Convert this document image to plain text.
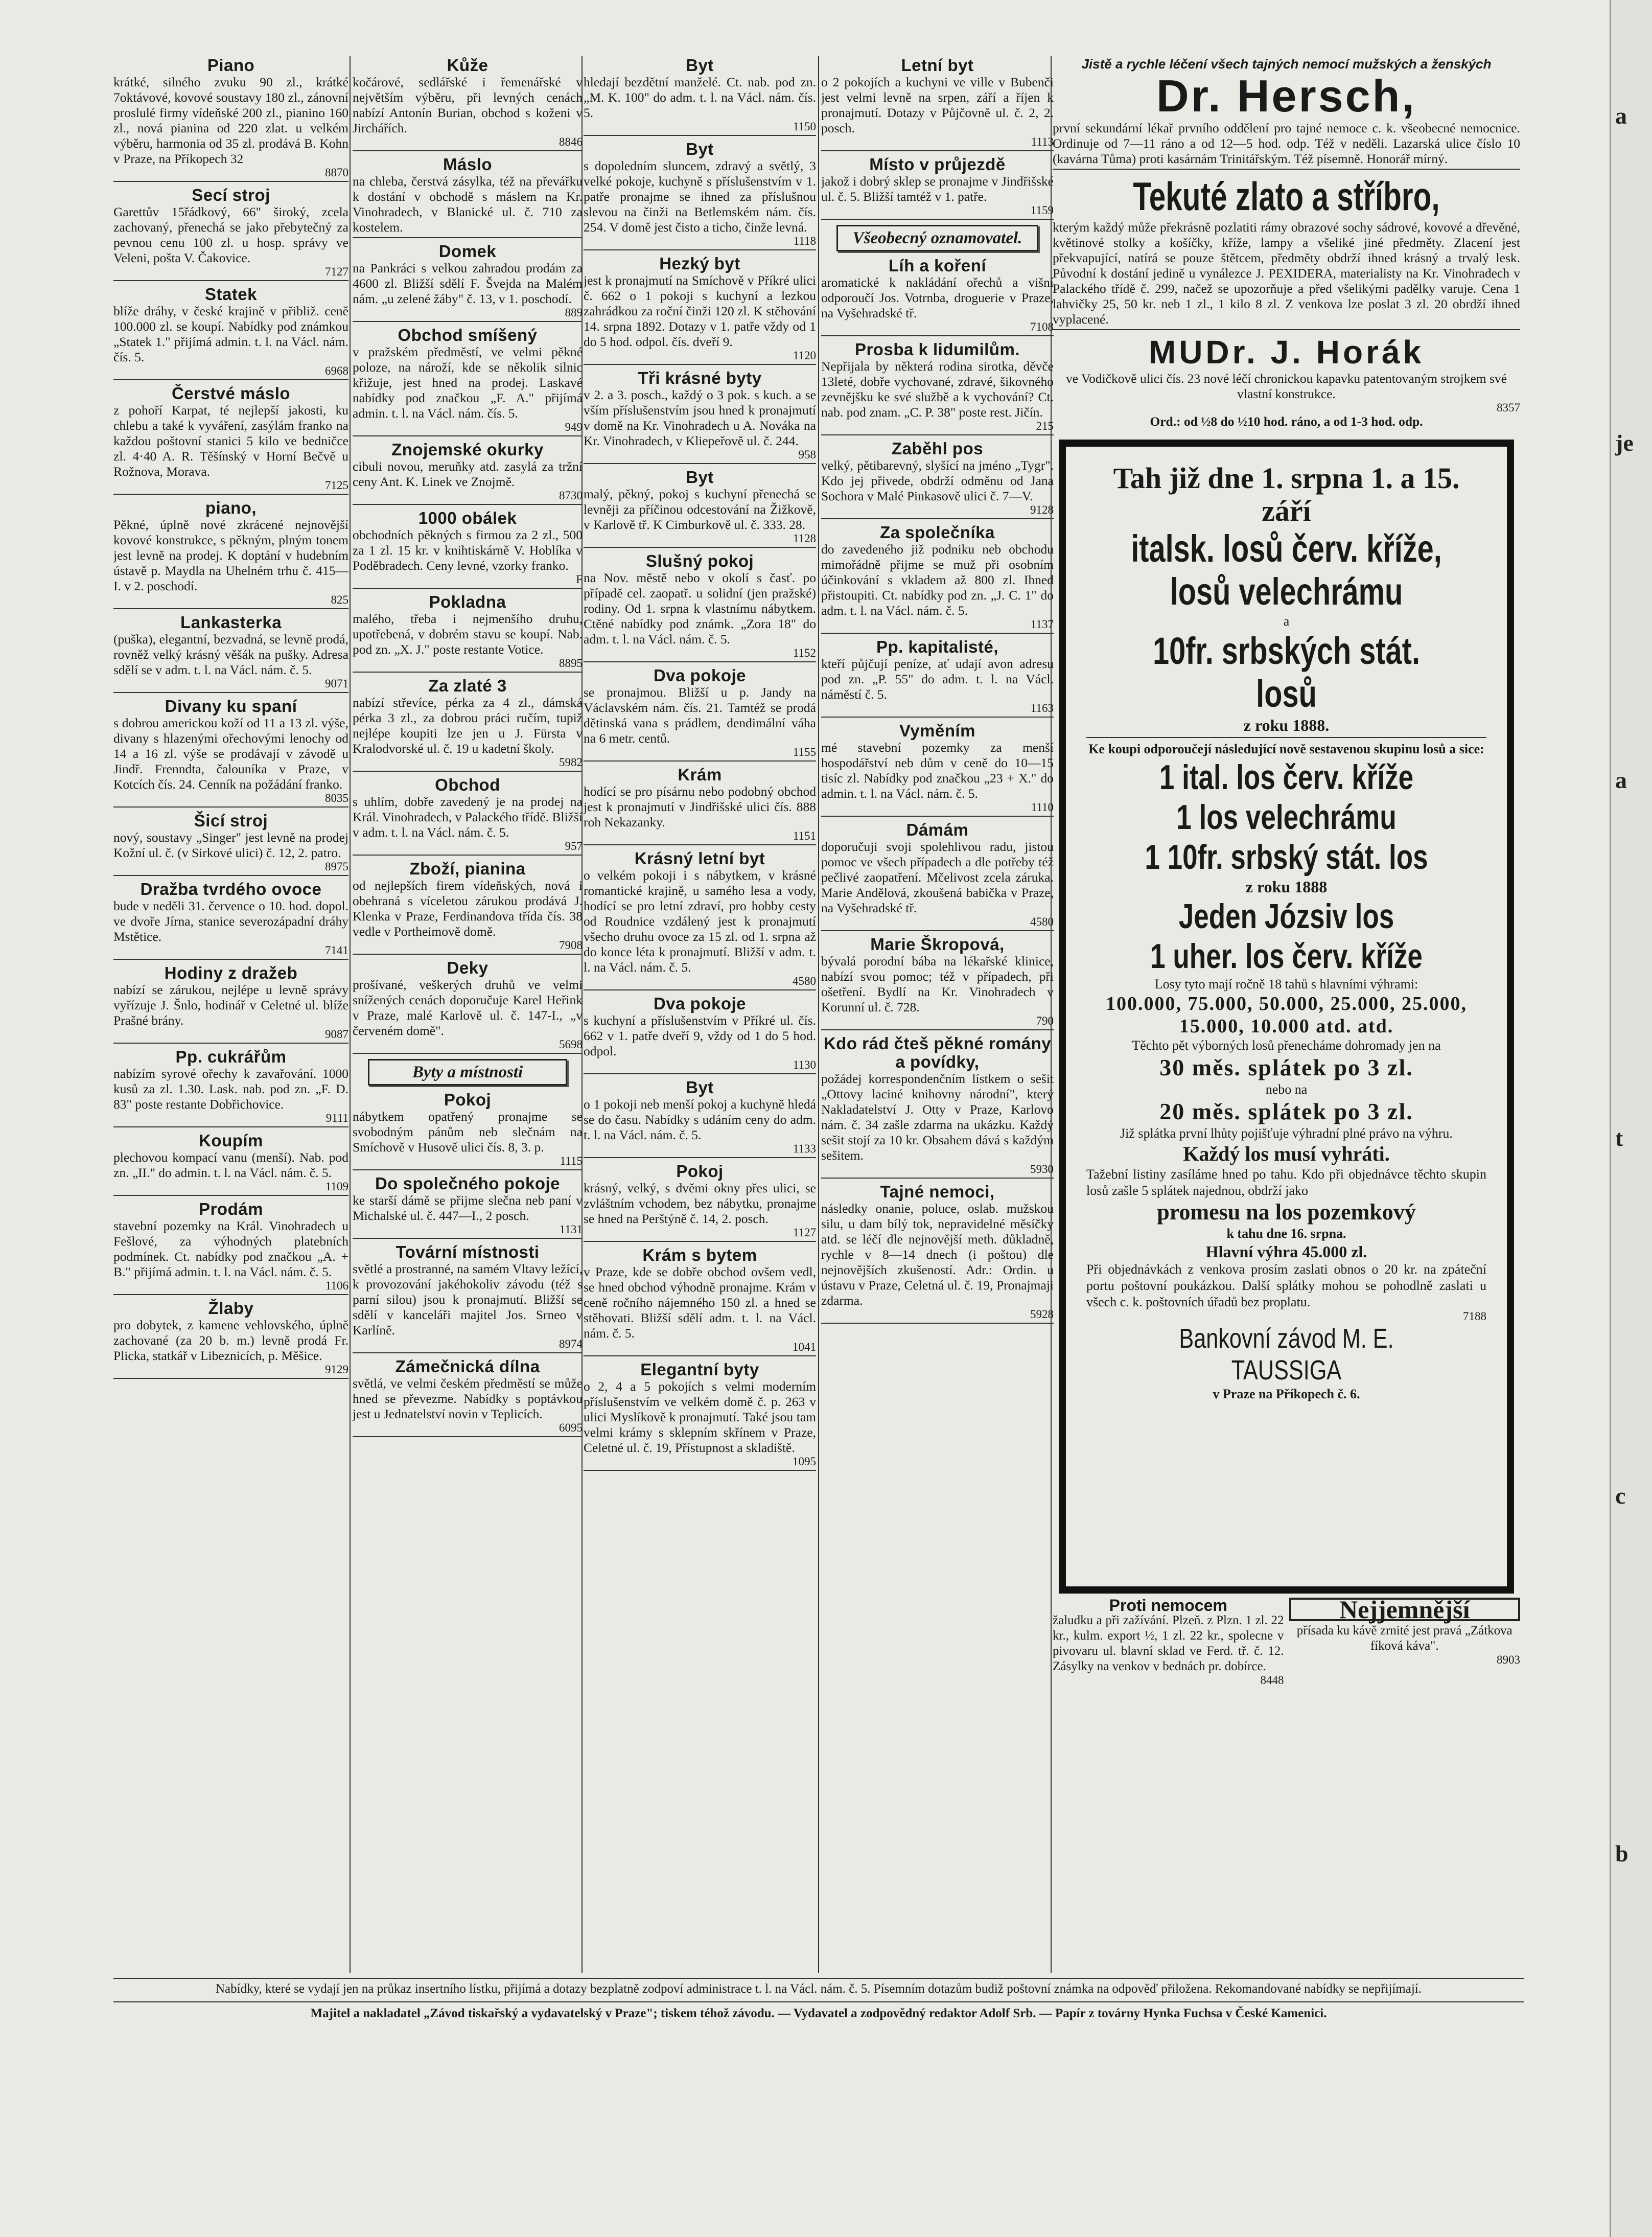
Piano

krátké, silného zvuku 90 zl., krátké 7oktávové, kovové soustavy 180 zl., zánovní proslulé firmy vídeňské 200 zl., pianino 160 zl., nová pianina od 220 zlat. u velkém výběru, harmonia od 35 zl. prodává B. Kohn v Praze, na Příkopech 32

8870
Secí stroj

Garettův 15řádkový, 66" široký, zcela zachovaný, přenechá se jako přebytečný za pevnou cenu 100 zl. u hosp. správy ve Veleni, pošta V. Čakovice.

7127
Statek

blíže dráhy, v české krajině v přibliž. ceně 100.000 zl. se koupí. Nabídky pod známkou „Statek 1." přijímá admin. t. l. na Václ. nám. čís. 5.

6968
Čerstvé máslo

z pohoří Karpat, té nejlepší jakosti, ku chlebu a také k vyváření, zasýlám franko na každou poštovní stanici 5 kilo ve bedničce zl. 4·40 A. R. Těšínský v Horní Bečvě u Rožnova, Morava.

7125
piano,

Pěkné, úplně nové zkrácené nejnovější kovové konstrukce, s pěkným, plným tonem jest levně na prodej. K doptání v hudebním ústavě p. Maydla na Uhelném trhu č. 415—I. v 2. poschodí.

825
Lankasterka

(puška), elegantní, bezvadná, se levně prodá, rovněž velký krásný věšák na pušky. Adresa sdělí se v adm. t. l. na Václ. nám. č. 5.

9071
Divany ku spaní

s dobrou americkou koží od 11 a 13 zl. výše, divany s hlazenými ořechovými lenochy od 14 a 16 zl. výše se prodávají v závodě u Jindř. Frenndta, čalouníka v Praze, v Kotcích čís. 24. Cenník na požádání franko.

8035
Šicí stroj

nový, soustavy „Singer" jest levně na prodej Kožní ul. č. (v Sirkové ulici) č. 12, 2. patro.

8975
Dražba tvrdého ovoce

bude v neděli 31. července o 10. hod. dopol. ve dvoře Jírna, stanice severozápadní dráhy Mstětice.

7141
Hodiny z dražeb

nabízí se zárukou, nejlépe u levně správy vyřízuje J. Šnlo, hodinář v Celetné ul. blíže Prašné brány.

9087
Pp. cukrářům

nabízím syrové ořechy k zavařování. 1000 kusů za zl. 1.30. Lask. nab. pod zn. „F. D. 83" poste restante Dobřichovice.

9111
Koupím

plechovou kompací vanu (menší). Nab. pod zn. „II." do admin. t. l. na Václ. nám. č. 5.

1109
Prodám

stavební pozemky na Král. Vinohradech u Fešlové, za výhodných platebních podmínek. Ct. nabídky pod značkou „A. + B." přijímá admin. t. l. na Václ. nám. č. 5.

1106
Žlaby

pro dobytek, z kamene vehlovského, úplně zachované (za 20 b. m.) levně prodá Fr. Plicka, statkář v Libeznicích, p. Měšice.

9129
Kůže

kočárové, sedlářské i řemenářské v největším výběru, při levných cenách nabízí Antonín Burian, obchod s koženi v Jirchářích.

8846
Máslo

na chleba, čerstvá zásylka, též na převářku k dostání v obchodě s máslem na Kr. Vinohradech, v Blanické ul. č. 710 za kostelem.

Domek

na Pankráci s velkou zahradou prodám za 4600 zl. Bližší sdělí F. Švejda na Malém nám. „u zelené žáby" č. 13, v 1. poschodí.

889
Obchod smíšený

v pražském předměstí, ve velmi pěkné poloze, na nároží, kde se několik silnic křižuje, jest hned na prodej. Laskavé nabídky pod značkou „F. A." přijímá admin. t. l. na Václ. nám. čís. 5.

949
Znojemské okurky

cibuli novou, meruňky atd. zasylá za tržní ceny Ant. K. Linek ve Znojmě.

8730
1000 obálek

obchodních pěkných s firmou za 2 zl., 500 za 1 zl. 15 kr. v knihtiskárně V. Hoblíka v Poděbradech. Ceny levné, vzorky franko.

F
Pokladna

malého, třeba i nejmenšího druhu, upotřebená, v dobrém stavu se koupí. Nab. pod zn. „X. J." poste restante Votice.

8895
Za zlaté 3

nabízí střevíce, pérka za 4 zl., dámská pérka 3 zl., za dobrou práci ručím, tupiž nejlépe koupiti lze jen u J. Fürsta v Kralodvorské ul. č. 19 u kadetní školy.

5982
Obchod

s uhlím, dobře zavedený je na prodej na Král. Vinohradech, v Palackého třídě. Bližší v adm. t. l. na Václ. nám. č. 5.

957
Zboží, pianina

od nejlepších firem vídeňských, nová i obehraná s víceletou zárukou prodává J. Klenka v Praze, Ferdinandova třída čís. 38 vedle v Portheimově domě.

7908
Deky

prošívané, veškerých druhů ve velmi snížených cenách doporučuje Karel Heřink v Praze, malé Karlově ul. č. 147-I., „v červeném domě".

5698
Byty a místnosti
Pokoj

nábytkem opatřený pronajme se svobodným pánům neb slečnám na Smíchově v Husově ulici čís. 8, 3. p.

1115
Do společného pokoje

ke starší dámě se přijme slečna neb paní v Michalské ul. č. 447—I., 2 posch.

1131
Tovární místnosti

světlé a prostranné, na samém Vltavy ležící, k provozování jakéhokoliv závodu (též s parní silou) jsou k pronajmutí. Bližší se sdělí v kanceláři majitel Jos. Srneo v Karlíně.

8974
Zámečnická dílna

světlá, ve velmi českém předměstí se může hned se převezme. Nabídky s poptávkou jest u Jednatelství novin v Teplicích.

6095
Byt

hledají bezdětní manželé. Ct. nab. pod zn. „M. K. 100" do adm. t. l. na Václ. nám. čís. 5.

1150
Byt

s dopoledním sluncem, zdravý a světlý, 3 velké pokoje, kuchyně s příslušenstvím v 1. patře pronajme se ihned za příslušnou slevou na činži na Betlemském nám. čís. 254. V domě jest čisto a ticho, činže levná.

1118
Hezký byt

jest k pronajmutí na Smíchově v Příkré ulici č. 662 o 1 pokoji s kuchyní a lezkou zahrádkou za roční činži 120 zl. K stěhování 14. srpna 1892. Dotazy v 1. patře vždy od 1 do 5 hod. odpol. čís. dveří 9.

1120
Tři krásné byty

v 2. a 3. posch., každý o 3 pok. s kuch. a se vším příslušenstvím jsou hned k pronajmutí v domě na Kr. Vinohradech u A. Nováka na Kr. Vinohradech, v Kliepeřově ul. č. 244.

958
Byt

malý, pěkný, pokoj s kuchyní přenechá se levněji za příčinou odcestování na Žižkově, v Karlově tř. K Cimburkově ul. č. 333. 28.

1128
Slušný pokoj

na Nov. městě nebo v okolí s časť. po případě cel. zaopatř. u solidní (jen pražské) rodiny. Od 1. srpna k vlastnímu nábytkem. Ctěné nabídky pod známk. „Zora 18" do adm. t. l. na Václ. nám. č. 5.

1152
Dva pokoje

se pronajmou. Bližší u p. Jandy na Václavském nám. čís. 21. Tamtéž se prodá dětinská vana s prádlem, dendimální váha na 6 metr. centů.

1155
Krám

hodící se pro písárnu nebo podobný obchod jest k pronajmutí v Jindřišské ulici čís. 888 roh Nekazanky.

1151
Krásný letní byt

o velkém pokoji i s nábytkem, v krásné romantické krajině, u samého lesa a vody, hodící se pro letní zdraví, pro hobby cesty od Roudnice vzdálený jest k pronajmutí všecho druhu ovoce za 15 zl. od 1. srpna až do konce léta k pronajmutí. Bližší v adm. t. l. na Václ. nám. č. 5.

4580
Dva pokoje

s kuchyní a příslušenstvím v Příkré ul. čís. 662 v 1. patře dveří 9, vždy od 1 do 5 hod. odpol.

1130
Byt

o 1 pokoji neb menší pokoj a kuchyně hledá se do času. Nabídky s udáním ceny do adm. t. l. na Václ. nám. č. 5.

1133
Pokoj

krásný, velký, s dvěmi okny přes ulici, se zvláštním vchodem, bez nábytku, pronajme se hned na Perštýně č. 14, 2. posch.

1127
Krám s bytem

v Praze, kde se dobře obchod ovšem vedl, se hned obchod výhodně pronajme. Krám v ceně ročního nájemného 150 zl. a hned se stěhovati. Bližší sdělí adm. t. l. na Václ. nám. č. 5.

1041
Elegantní byty

o 2, 4 a 5 pokojích s velmi moderním příslušenstvím ve velkém domě č. p. 263 v ulici Myslíkově k pronajmutí. Také jsou tam velmi krámy s sklepním skřínem v Praze, Celetné ul. č. 19, Přístupnost a skladiště.

1095
Letní byt

o 2 pokojích a kuchyni ve ville v Bubenči jest velmi levně na srpen, září a říjen k pronajmutí. Dotazy v Půjčovně ul. č. 2, 2. posch.

1113
Místo v průjezdě

jakož i dobrý sklep se pronajme v Jindřišské ul. č. 5. Bližší tamtéž v 1. patře.

1159
Všeobecný oznamovatel.
Líh a koření

aromatické k nakládání ořechů a višní odporoučí Jos. Votrnba, droguerie v Praze, na Vyšehradské tř.

7108
Prosba k lidumilům.

Nepřijala by některá rodina sirotka, děvče 13leté, dobře vychované, zdravé, šikovného zevnějšku ke své službě a k vychování? Ct. nab. pod znam. „C. P. 38" poste rest. Jičín.

215
Zaběhl pos

velký, pětibarevný, slyšící na jméno „Tygr". Kdo jej přivede, obdrží odměnu od Jana Sochora v Malé Pinkasově ulici č. 7—V.

9128
Za společníka

do zavedeného již podniku neb obchodu mimořádně přijme se muž při osobním účinkování s vkladem až 800 zl. Ihned přistoupiti. Ct. nabídky pod zn. „J. C. 1" do adm. t. l. na Václ. nám. č. 5.

1137
Pp. kapitalisté,

kteří půjčují peníze, ať udají avon adresu pod zn. „P. 55" do adm. t. l. na Václ. náměstí č. 5.

1163
Vyměním

mé stavební pozemky za menší hospodářství neb dům v ceně do 10—15 tisíc zl. Nabídky pod značkou „23 + X." do admin. t. l. na Václ. nám. č. 5.

1110
Dámám

doporučuji svoji spolehlivou radu, jistou pomoc ve všech případech a dle potřeby též pečlivé zaopatření. Mčelivost zcela záruka. Marie Andělová, zkoušená babička v Praze, na Vyšehradské tř.

4580
Marie Škropová,

bývalá porodní bába na lékařské klinice, nabízí svou pomoc; též v případech, při ošetření. Bydlí na Kr. Vinohradech v Korunní ul. č. 728.

790
Kdo rád čteš pěkné romány a povídky,

požádej korrespondenčním lístkem o sešit „Ottovy laciné knihovny národní", který Nakladatelství J. Otty v Praze, Karlovo nám. č. 34 zašle zdarma na ukázku. Každý sešit stojí za 10 kr. Obsahem dává s každým sešitem.

5930
Tajné nemoci,

následky onanie, poluce, oslab. mužskou silu, u dam bílý tok, nepravidelné měsíčky atd. se léčí dle nejnovější meth. důkladně, rychle v 8—14 dnech (i poštou) dle nejnovějších zkušeností. Adr.: Ordin. u ústavu v Praze, Celetná ul. č. 19, Pronajmaji zdarma.

5928
Jistě a rychle léčení všech tajných nemocí mužských a ženských
Dr. Hersch,

první sekundární lékař prvního oddělení pro tajné nemoce c. k. všeobecné nemocnice. Ordinuje od 7—11 ráno a od 12—5 hod. odp. Též v neděli. Lazarská ulice číslo 10 (kavárna Tůma) proti kasárnám Trinitářským. Též písemně. Honorář mírný.

Tekuté zlato a stříbro,

kterým každý může překrásně pozlatiti rámy obrazové sochy sádrové, kovové a dřevěné, květinové stolky a košíčky, kříže, lampy a všeliké jiné předměty. Zlacení jest překvapující, natírá se pouze štětcem, předměty obdrží ihned krásný a trvalý lesk. Původní k dostání jedině u vynálezce J. PEXIDERA, materialisty na Kr. Vinohradech v Palackého třídě č. 299, načež se upozorňuje a před všelikými padělky varuje. Cena 1 lahvičky 25, 50 kr. neb 1 zl., 1 kilo 8 zl. Z venkova lze poslat 3 zl. 20 obrdží ihned vyplacené.

MUDr. J. Horák

ve Vodičkově ulici čís. 23 nové léčí chronickou kapavku patentovaným strojkem své vlastní konstrukce.

8357

Ord.: od ½8 do ½10 hod. ráno, a od 1-3 hod. odp.

Tah již dne 1. srpna 1. a 15. září
italsk. losů červ. kříže,
losů velechrámu
a
10fr. srbských stát. losů
z roku 1888.
Ke koupi odporoučejí následující nově sestavenou skupinu losů a sice:
1 ital. los červ. kříže
1 los velechrámu
1 10fr. srbský stát. los
z roku 1888
Jeden Józsiv los
1 uher. los červ. kříže
Losy tyto mají ročně 18 tahů s hlavními výhrami:
100.000, 75.000, 50.000, 25.000, 25.000, 15.000, 10.000 atd. atd.
Těchto pět výborných losů přenecháme dohromady jen na
30 měs. splátek po 3 zl.
nebo na
20 měs. splátek po 3 zl.
Již splátka první lhůty pojišťuje výhradní plné právo na výhru.
Každý los musí vyhráti.
Tažební listiny zasíláme hned po tahu. Kdo při objednávce těchto skupin losů zašle 5 splátek najednou, obdrží jako
promesu na los pozemkový
k tahu dne 16. srpna.
Hlavní výhra 45.000 zl.
Při objednávkách z venkova prosím zaslati obnos o 20 kr. na zpáteční portu poštovní poukázkou. Další splátky mohou se pohodlně zaslati u všech c. k. poštovních úřadů bez proplatu.
7188
Bankovní závod M. E. TAUSSIGA
v Praze na Příkopech č. 6.
Proti nemocem

žaludku a při zažívání. Plzeň. z Plzn. 1 zl. 22 kr., kulm. export ½, 1 zl. 22 kr., spolecne v pivovaru ul. blavní sklad ve Ferd. tř. č. 12. Zásylky na venkov v bednách pr. dobírce.

8448
Nejjemnější

přísada ku kávě zrnité jest pravá „Zátkova fíková káva".

8903
Nabídky, které se vydají jen na průkaz insertního lístku, přijímá a dotazy bezplatně zodpoví administrace t. l. na Václ. nám. č. 5. Písemním dotazům budiž poštovní známka na odpověď přiložena. Rekomandované nabídky se nepřijímají.
Majitel a nakladatel „Závod tiskařský a vydavatelský v Praze"; tiskem téhož závodu. — Vydavatel a zodpovědný redaktor Adolf Srb. — Papír z továrny Hynka Fuchsa v České Kamenici.
a
je
a
t
c
b
